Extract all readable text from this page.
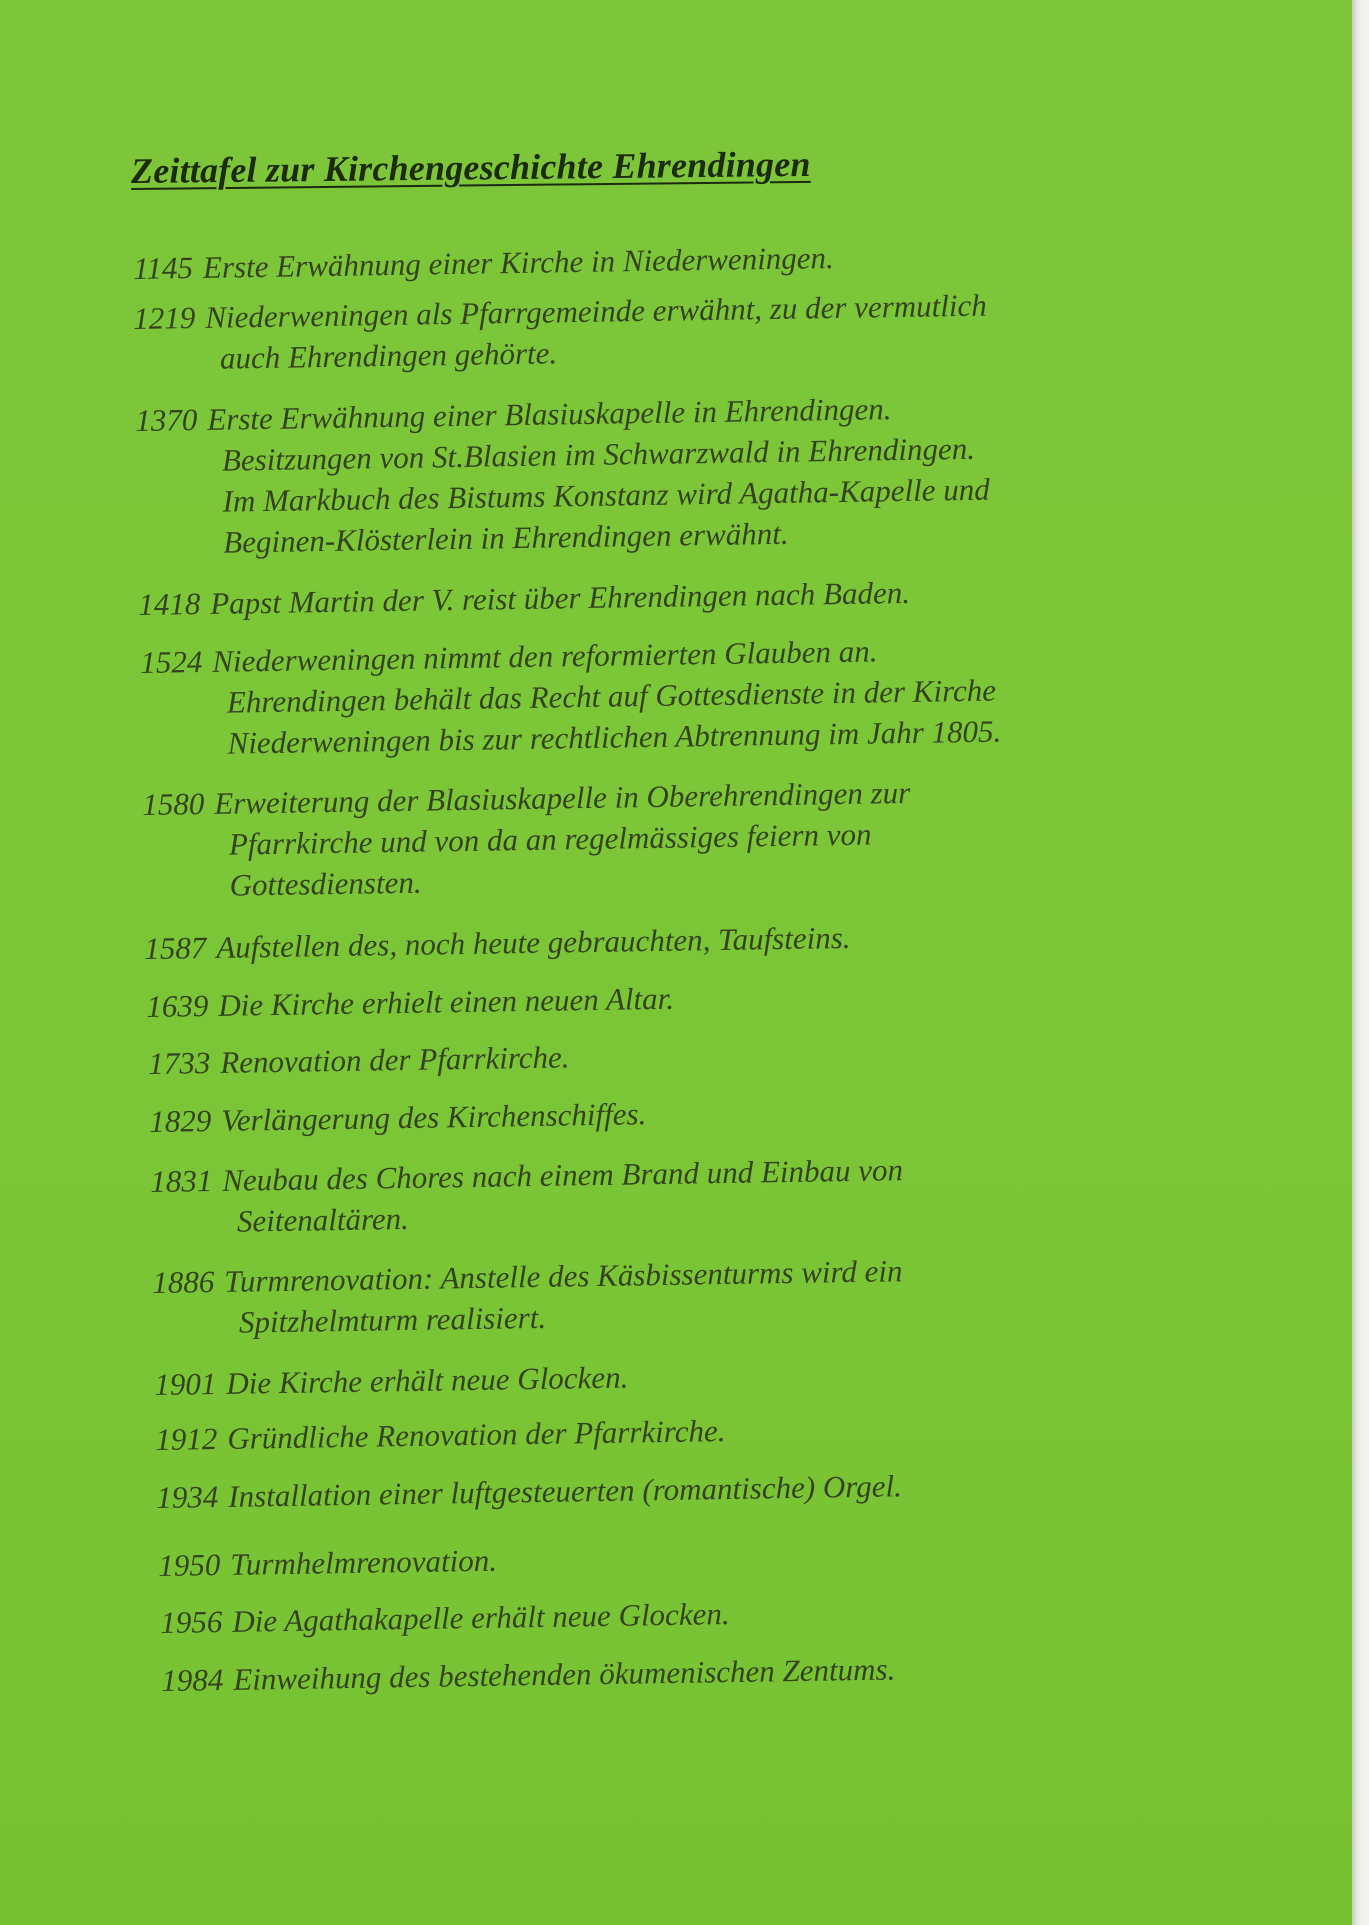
Zeittafel zur Kirchengeschichte Ehrendingen

1145 Erste Erwähnung einer Kirche in Niederweningen.

1219 Niederweningen als Pfarrgemeinde erwähnt, zu der vermutlich
auch Ehrendingen gehörte.

1370 Erste Erwähnung einer Blasiuskapelle in Ehrendingen.
Besitzungen von St.Blasien im Schwarzwald in Ehrendingen.
Im Markbuch des Bistums Konstanz wird Agatha-Kapelle und
Beginen-Klösterlein in Ehrendingen erwähnt.

1418 Papst Martin der V. reist über Ehrendingen nach Baden.

1524 Niederweningen nimmt den reformierten Glauben an.
Ehrendingen behält das Recht auf Gottesdienste in der Kirche
Niederweningen bis zur rechtlichen Abtrennung im Jahr 1805.

1580 Erweiterung der Blasiuskapelle in Oberehrendingen zur
Pfarrkirche und von da an regelmässiges feiern von
Gottesdiensten.

1587 Aufstellen des, noch heute gebrauchten, Taufsteins.

1639 Die Kirche erhielt einen neuen Altar.

1733 Renovation der Pfarrkirche.

1829 Verlängerung des Kirchenschiffes.

1831 Neubau des Chores nach einem Brand und Einbau von
Seitenaltären.

1886 Turmrenovation: Anstelle des Käsbissenturms wird ein
Spitzhelmturm realisiert.

1901 Die Kirche erhält neue Glocken.

1912 Gründliche Renovation der Pfarrkirche.

1934 Installation einer luftgesteuerten (romantische) Orgel.

1950 Turmhelmrenovation.

1956 Die Agathakapelle erhält neue Glocken.

1984 Einweihung des bestehenden ökumenischen Zentums.
